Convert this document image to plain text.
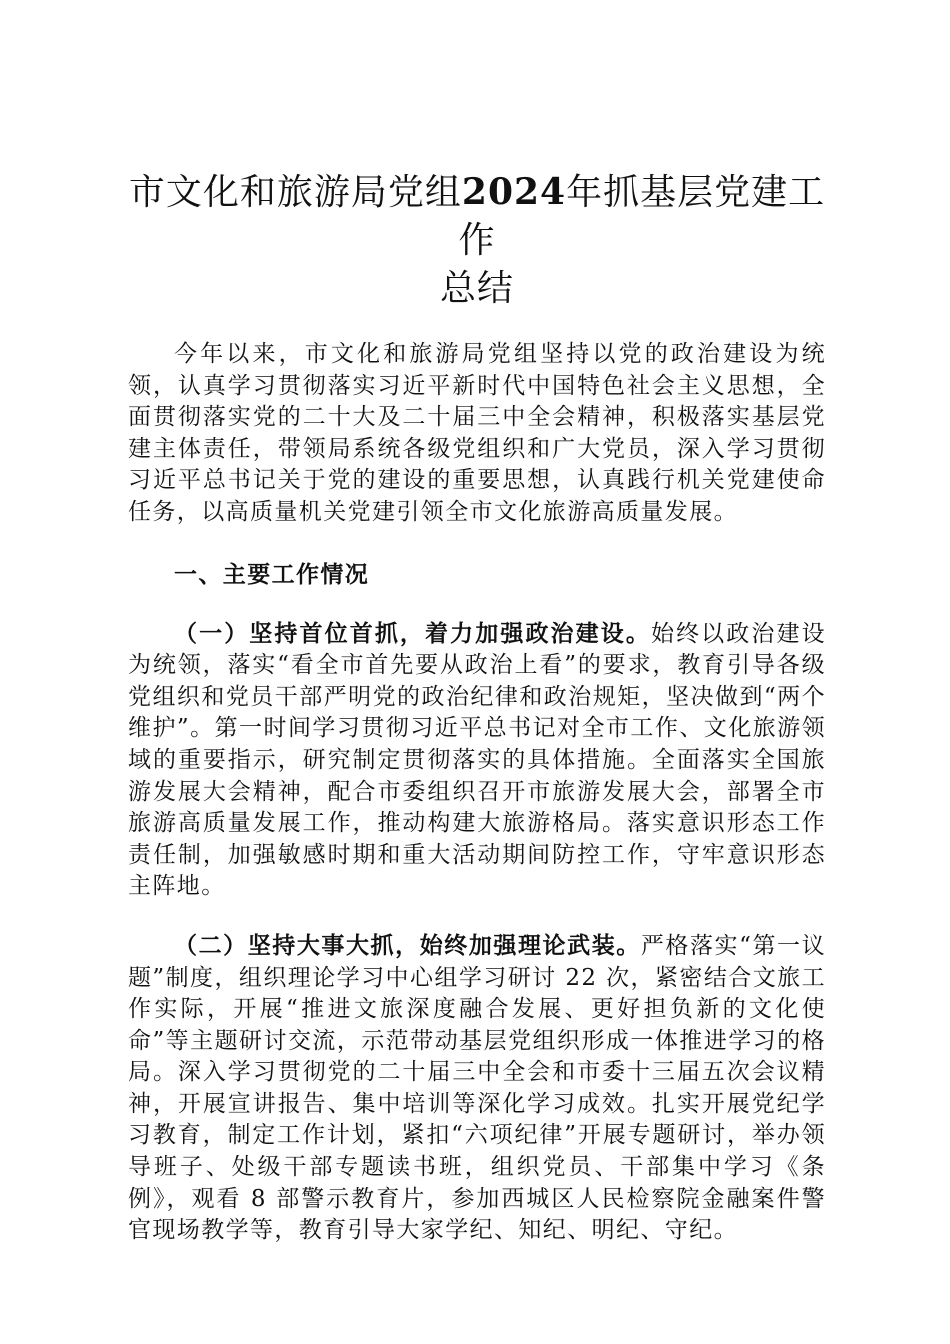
市文化和旅游局党组2024年抓基层党建工作
总结

今年以来，市文化和旅游局党组坚持以党的政治建设为统领，认真学习贯彻落实习近平新时代中国特色社会主义思想，全面贯彻落实党的二十大及二十届三中全会精神，积极落实基层党建主体责任，带领局系统各级党组织和广大党员，深入学习贯彻习近平总书记关于党的建设的重要思想，认真践行机关党建使命任务，以高质量机关党建引领全市文化旅游高质量发展。

一、主要工作情况

（一）坚持首位首抓，着力加强政治建设。始终以政治建设为统领，落实“看全市首先要从政治上看”的要求，教育引导各级党组织和党员干部严明党的政治纪律和政治规矩，坚决做到“两个维护”。第一时间学习贯彻习近平总书记对全市工作、文化旅游领域的重要指示，研究制定贯彻落实的具体措施。全面落实全国旅游发展大会精神，配合市委组织召开市旅游发展大会，部署全市旅游高质量发展工作，推动构建大旅游格局。落实意识形态工作责任制，加强敏感时期和重大活动期间防控工作，守牢意识形态主阵地。

（二）坚持大事大抓，始终加强理论武装。严格落实“第一议题”制度，组织理论学习中心组学习研讨 22 次，紧密结合文旅工作实际，开展“推进文旅深度融合发展、更好担负新的文化使命”等主题研讨交流，示范带动基层党组织形成一体推进学习的格局。深入学习贯彻党的二十届三中全会和市委十三届五次会议精神，开展宣讲报告、集中培训等深化学习成效。扎实开展党纪学习教育，制定工作计划，紧扣“六项纪律”开展专题研讨，举办领导班子、处级干部专题读书班，组织党员、干部集中学习《条例》，观看 8 部警示教育片，参加西城区人民检察院金融案件警官现场教学等，教育引导大家学纪、知纪、明纪、守纪。
